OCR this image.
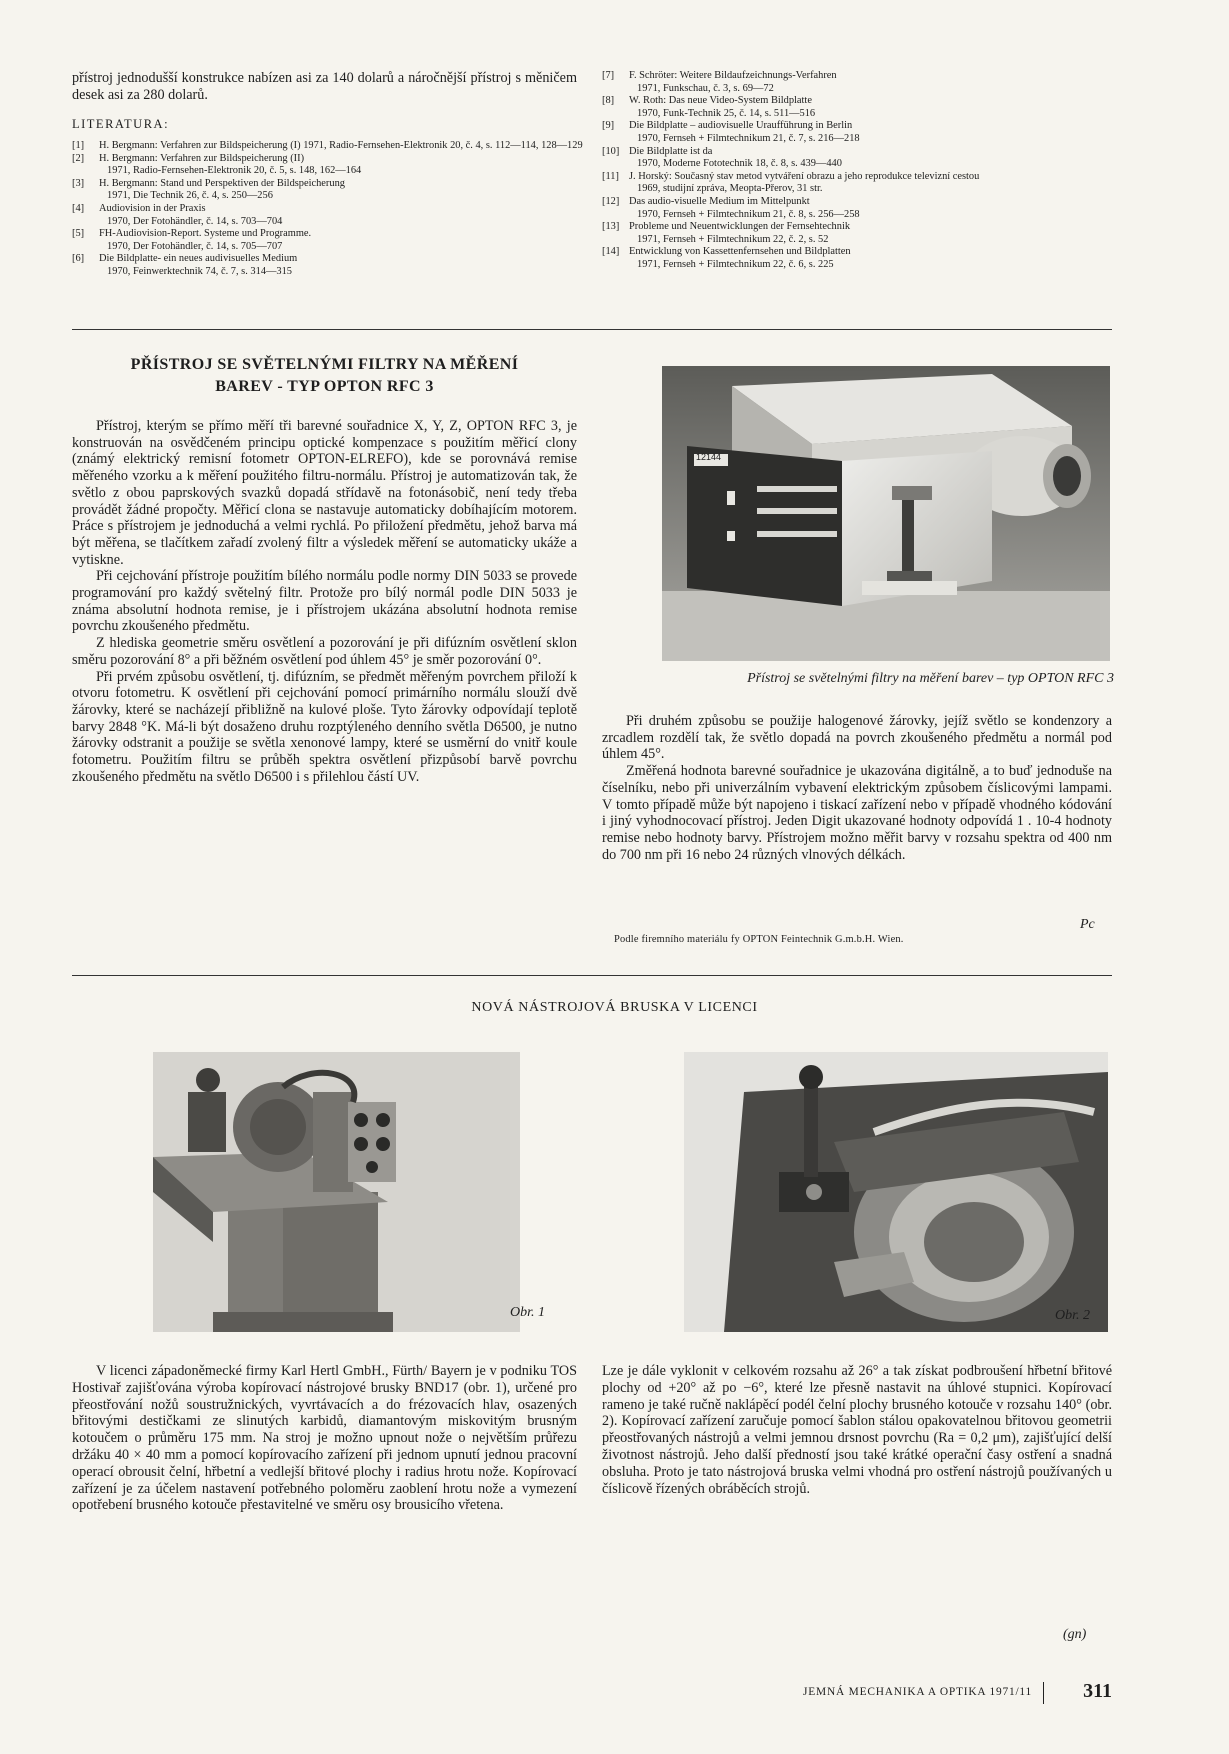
přístroj jednodušší konstrukce nabízen asi za 140 dolarů a náročnější přístroj s měničem desek asi za 280 dolarů.
LITERATURA:
[1] H. Bergmann: Verfahren zur Bildspeicherung (I) 1971, Radio-Fernsehen-Elektronik 20, č. 4, s. 112—114, 128—129
[2] H. Bergmann: Verfahren zur Bildspeicherung (II)
1971, Radio-Fernsehen-Elektronik 20, č. 5, s. 148, 162—164
[3] H. Bergmann: Stand und Perspektiven der Bildspeicherung
1971, Die Technik 26, č. 4, s. 250—256
[4] Audiovision in der Praxis
1970, Der Fotohändler, č. 14, s. 703—704
[5] FH-Audiovision-Report. Systeme und Programme.
1970, Der Fotohändler, č. 14, s. 705—707
[6] Die Bildplatte- ein neues audivisuelles Medium
1970, Feinwerktechnik 74, č. 7, s. 314—315
[7] F. Schröter: Weitere Bildaufzeichnungs-Verfahren
1971, Funkschau, č. 3, s. 69—72
[8] W. Roth: Das neue Video-System Bildplatte
1970, Funk-Technik 25, č. 14, s. 511—516
[9] Die Bildplatte – audiovisuelle Uraufführung in Berlin
1970, Fernseh + Filmtechnikum 21, č. 7, s. 216—218
[10] Die Bildplatte ist da
1970, Moderne Fototechnik 18, č. 8, s. 439—440
[11] J. Horský: Současný stav metod vytváření obrazu a jeho reprodukce televizní cestou
1969, studijní zpráva, Meopta-Přerov, 31 str.
[12] Das audio-visuelle Medium im Mittelpunkt
1970, Fernseh + Filmtechnikum 21, č. 8, s. 256—258
[13] Probleme und Neuentwicklungen der Fernsehtechnik
1971, Fernseh + Filmtechnikum 22, č. 2, s. 52
[14] Entwicklung von Kassettenfernsehen und Bildplatten
1971, Fernseh + Filmtechnikum 22, č. 6, s. 225
PŘÍSTROJ SE SVĚTELNÝMI FILTRY NA MĚŘENÍ
BAREV - TYP OPTON RFC 3

Přístroj, kterým se přímo měří tři barevné souřadnice X, Y, Z, OPTON RFC 3, je konstruován na osvědčeném principu optické kompenzace s použitím měřicí clony (známý elektrický remisní fotometr OPTON-ELREFO), kde se porovnává remise měřeného vzorku a k měření použitého filtru-normálu. Přístroj je automatizován tak, že světlo z obou paprskových svazků dopadá střídavě na fotonásobič, není tedy třeba provádět žádné propočty. Měřicí clona se nastavuje automaticky dobíhajícím motorem. Práce s přístrojem je jednoduchá a velmi rychlá. Po přiložení předmětu, jehož barva má být měřena, se tlačítkem zařadí zvolený filtr a výsledek měření se automaticky ukáže a vytiskne.

Při cejchování přístroje použitím bílého normálu podle normy DIN 5033 se provede programování pro každý světelný filtr. Protože pro bílý normál podle DIN 5033 je známa absolutní hodnota remise, je i přístrojem ukázána absolutní hodnota remise povrchu zkoušeného předmětu.

Z hlediska geometrie směru osvětlení a pozorování je při difúzním osvětlení sklon směru pozorování 8° a při běžném osvětlení pod úhlem 45° je směr pozorování 0°.

Při prvém způsobu osvětlení, tj. difúzním, se předmět měřeným povrchem přiloží k otvoru fotometru. K osvětlení při cejchování pomocí primárního normálu slouží dvě žárovky, které se nacházejí přibližně na kulové ploše. Tyto žárovky odpovídají teplotě barvy 2848 °K. Má-li být dosaženo druhu rozptýleného denního světla D6500, je nutno žárovky odstranit a použije se světla xenonové lampy, které se usměrní do vnitř koule fotometru. Použitím filtru se průběh spektra osvětlení přizpůsobí barvě povrchu zkoušeného předmětu na světlo D6500 i s přilehlou částí UV.

12144
Přístroj se světelnými filtry na měření barev – typ OPTON RFC 3

Při druhém způsobu se použije halogenové žárovky, jejíž světlo se kondenzory a zrcadlem rozdělí tak, že světlo dopadá na povrch zkoušeného předmětu a normál pod úhlem 45°.

Změřená hodnota barevné souřadnice je ukazována digitálně, a to buď jednoduše na číselníku, nebo při univerzálním vybavení elektrickým způsobem číslicovými lampami. V tomto případě může být napojeno i tiskací zařízení nebo v případě vhodného kódování i jiný vyhodnocovací přístroj. Jeden Digit ukazované hodnoty odpovídá 1 . 10-4 hodnoty remise nebo hodnoty barvy. Přístrojem možno měřit barvy v rozsahu spektra od 400 nm do 700 nm při 16 nebo 24 různých vlnových délkách.

Pc
Podle firemního materiálu fy OPTON Feintechnik G.m.b.H. Wien.
NOVÁ NÁSTROJOVÁ BRUSKA V LICENCI
Obr. 1	Obr. 2

V licenci západoněmecké firmy Karl Hertl GmbH., Fürth/ Bayern je v podniku TOS Hostivař zajišťována výroba kopírovací nástrojové brusky BND17 (obr. 1), určené pro přeostřování nožů soustružnických, vyvrtávacích a do frézovacích hlav, osazených břitovými destičkami ze slinutých karbidů, diamantovým miskovitým brusným kotoučem o průměru 175 mm. Na stroj je možno upnout nože o největším průřezu držáku 40 × 40 mm a pomocí kopírovacího zařízení při jednom upnutí jednou pracovní operací obrousit čelní, hřbetní a vedlejší břitové plochy i radius hrotu nože. Kopírovací zařízení je za účelem nastavení potřebného poloměru zaoblení hrotu nože a vymezení opotřebení brusného kotouče přestavitelné ve směru osy brousicího vřetena.

Lze je dále vyklonit v celkovém rozsahu až 26° a tak získat podbroušení hřbetní břitové plochy od +20° až po −6°, které lze přesně nastavit na úhlové stupnici. Kopírovací rameno je také ručně naklápěcí podél čelní plochy brusného kotouče v rozsahu 140° (obr. 2). Kopírovací zařízení zaručuje pomocí šablon stálou opakovatelnou břitovou geometrii přeostřovaných nástrojů a velmi jemnou drsnost povrchu (Ra = 0,2 μm), zajišťující delší životnost nástrojů. Jeho další předností jsou také krátké operační časy ostření a snadná obsluha. Proto je tato nástrojová bruska velmi vhodná pro ostření nástrojů používaných u číslicově řízených obráběcích strojů.

(gn)
JEMNÁ MECHANIKA A OPTIKA 1971/11	311
